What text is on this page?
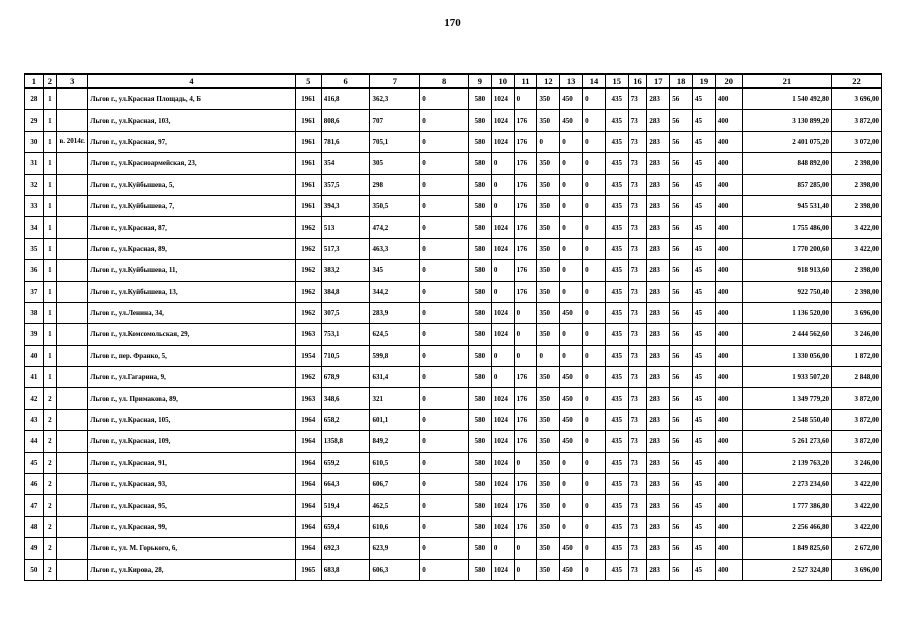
170
1	2	3	4	5	6	7	8	9	10	11	12	13	14	15	16	17	18	19	20	21	22
28	1		Льгов г., ул.Красная Площадь, 4, Б	1961	416,8	362,3	0	580	1024	0	350	450	0	435	73	283	56	45	400	1 540 492,80	3 696,00
29	1		Льгов г., ул.Красная, 103,	1961	808,6	707	0	580	1024	176	350	450	0	435	73	283	56	45	400	3 130 899,20	3 872,00
30	1	в. 2014г.	Льгов г., ул.Красная, 97,	1961	781,6	705,1	0	580	1024	176	0	0	0	435	73	283	56	45	400	2 401 075,20	3 072,00
31	1		Льгов г., ул.Красноармейская, 23,	1961	354	305	0	580	0	176	350	0	0	435	73	283	56	45	400	848 892,00	2 398,00
32	1		Льгов г., ул.Куйбышева, 5,	1961	357,5	298	0	580	0	176	350	0	0	435	73	283	56	45	400	857 285,00	2 398,00
33	1		Льгов г., ул.Куйбышева, 7,	1961	394,3	350,5	0	580	0	176	350	0	0	435	73	283	56	45	400	945 531,40	2 398,00
34	1		Льгов г., ул.Красная, 87,	1962	513	474,2	0	580	1024	176	350	0	0	435	73	283	56	45	400	1 755 486,00	3 422,00
35	1		Льгов г., ул.Красная, 89,	1962	517,3	463,3	0	580	1024	176	350	0	0	435	73	283	56	45	400	1 770 200,60	3 422,00
36	1		Льгов г., ул.Куйбышева, 11,	1962	383,2	345	0	580	0	176	350	0	0	435	73	283	56	45	400	918 913,60	2 398,00
37	1		Льгов г., ул.Куйбышева, 13,	1962	384,8	344,2	0	580	0	176	350	0	0	435	73	283	56	45	400	922 750,40	2 398,00
38	1		Льгов г., ул.Ленина, 34,	1962	307,5	283,9	0	580	1024	0	350	450	0	435	73	283	56	45	400	1 136 520,00	3 696,00
39	1		Льгов г., ул.Комсомольская, 29,	1963	753,1	624,5	0	580	1024	0	350	0	0	435	73	283	56	45	400	2 444 562,60	3 246,00
40	1		Льгов г., пер. Франко, 5,	1954	710,5	599,8	0	580	0	0	0	0	0	435	73	283	56	45	400	1 330 056,00	1 872,00
41	1		Льгов г., ул.Гагарина, 9,	1962	678,9	631,4	0	580	0	176	350	450	0	435	73	283	56	45	400	1 933 507,20	2 848,00
42	2		Льгов г., ул. Примакова, 89,	1963	348,6	321	0	580	1024	176	350	450	0	435	73	283	56	45	400	1 349 779,20	3 872,00
43	2		Льгов г., ул.Красная, 105,	1964	658,2	601,1	0	580	1024	176	350	450	0	435	73	283	56	45	400	2 548 550,40	3 872,00
44	2		Льгов г., ул.Красная, 109,	1964	1358,8	849,2	0	580	1024	176	350	450	0	435	73	283	56	45	400	5 261 273,60	3 872,00
45	2		Льгов г., ул.Красная, 91,	1964	659,2	610,5	0	580	1024	0	350	0	0	435	73	283	56	45	400	2 139 763,20	3 246,00
46	2		Льгов г., ул.Красная, 93,	1964	664,3	606,7	0	580	1024	176	350	0	0	435	73	283	56	45	400	2 273 234,60	3 422,00
47	2		Льгов г., ул.Красная, 95,	1964	519,4	462,5	0	580	1024	176	350	0	0	435	73	283	56	45	400	1 777 386,80	3 422,00
48	2		Льгов г., ул.Красная, 99,	1964	659,4	610,6	0	580	1024	176	350	0	0	435	73	283	56	45	400	2 256 466,80	3 422,00
49	2		Льгов г., ул. М. Горького, 6,	1964	692,3	623,9	0	580	0	0	350	450	0	435	73	283	56	45	400	1 849 825,60	2 672,00
50	2		Льгов г., ул.Кирова, 28,	1965	683,8	606,3	0	580	1024	0	350	450	0	435	73	283	56	45	400	2 527 324,80	3 696,00
